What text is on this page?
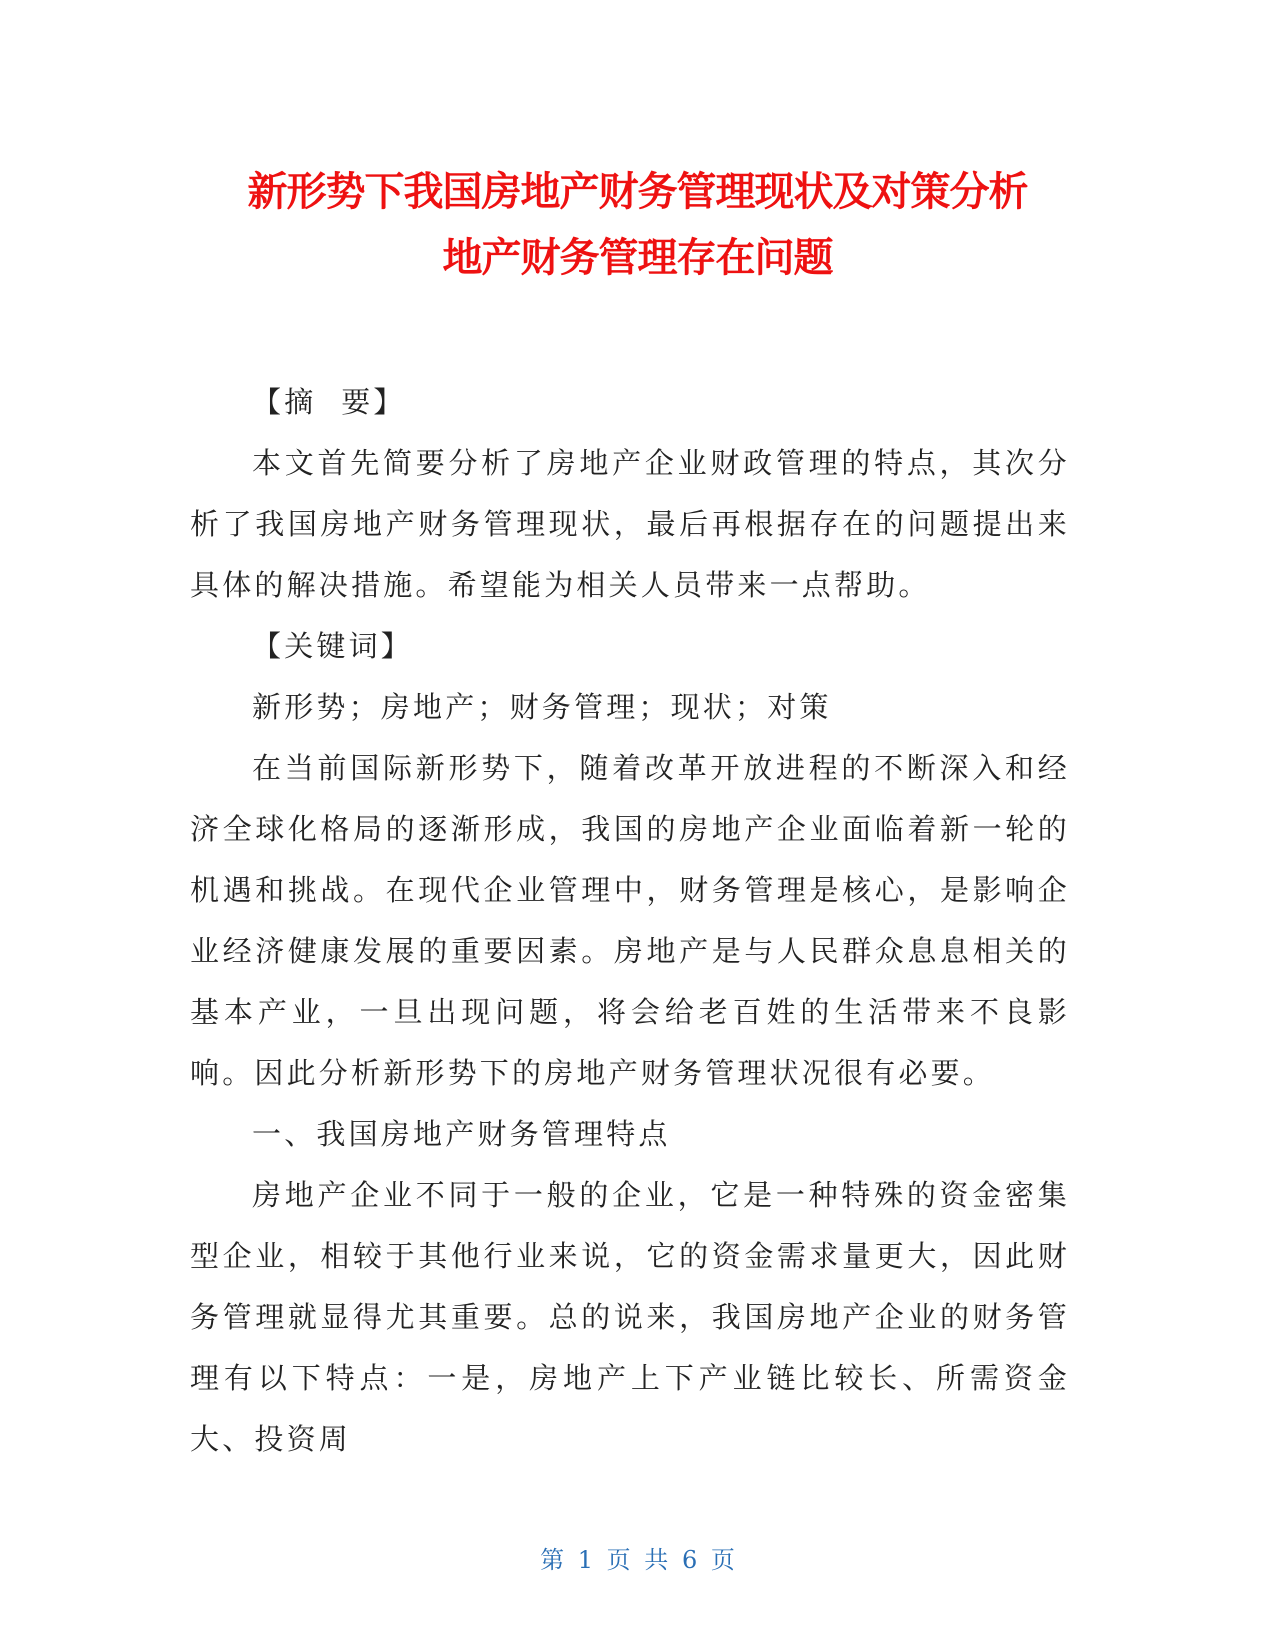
新形势下我国房地产财务管理现状及对策分析
地产财务管理存在问题

【摘  要】

本文首先简要分析了房地产企业财政管理的特点，其次分析了我国房地产财务管理现状，最后再根据存在的问题提出来具体的解决措施。希望能为相关人员带来一点帮助。

【关键词】

新形势；房地产；财务管理；现状；对策

在当前国际新形势下，随着改革开放进程的不断深入和经济全球化格局的逐渐形成，我国的房地产企业面临着新一轮的机遇和挑战。在现代企业管理中，财务管理是核心，是影响企业经济健康发展的重要因素。房地产是与人民群众息息相关的基本产业，一旦出现问题，将会给老百姓的生活带来不良影响。因此分析新形势下的房地产财务管理状况很有必要。

一、我国房地产财务管理特点

房地产企业不同于一般的企业，它是一种特殊的资金密集型企业，相较于其他行业来说，它的资金需求量更大，因此财务管理就显得尤其重要。总的说来，我国房地产企业的财务管理有以下特点：一是，房地产上下产业链比较长、所需资金大、投资周

第 1 页 共 6 页
